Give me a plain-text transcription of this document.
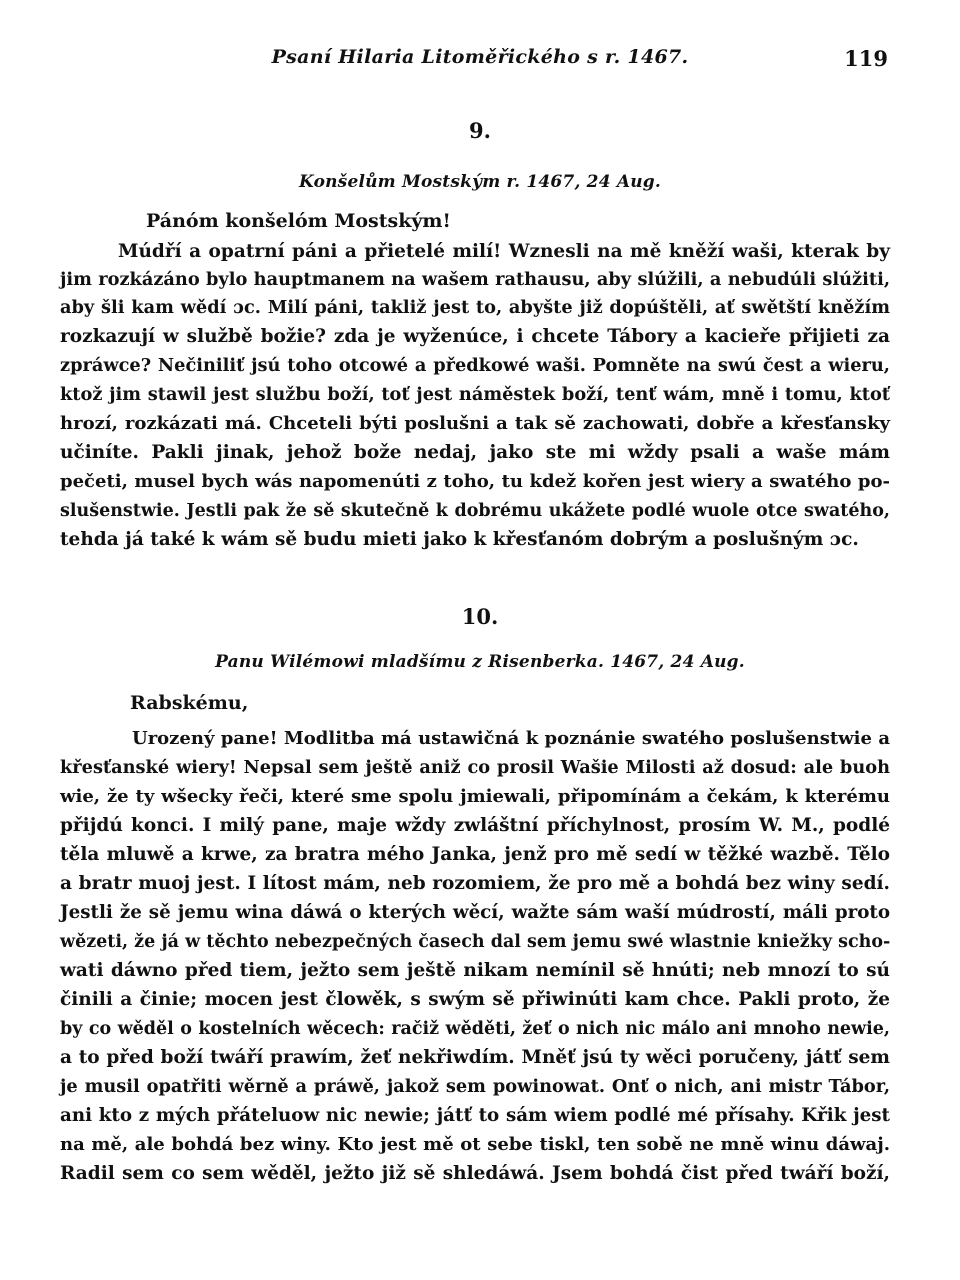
Psaní Hilaria Litoměřického s r. 1467.	119
9.
Konšelům Mostským r. 1467, 24 Aug.
Pánóm konšelóm Mostským!
Múdří a opatrní páni a přietelé milí! Wznesli na mě kněží waši, kterak by
jim rozkázáno bylo hauptmanem na wašem rathausu, aby slúžili, a nebudúli slúžiti,
aby šli kam wědí ɔc. Milí páni, takliž jest to, abyšte již dopúštěli, ať swětští kněžím
rozkazují w službě božie? zda je wyženúce, i chcete Tábory a kacieře přijieti za
zpráwce? Nečiniliť jsú toho otcowé a předkowé waši. Pomněte na swú čest a wieru,
ktož jim stawil jest službu boží, toť jest náměstek boží, tenť wám, mně i tomu, ktoť
hrozí, rozkázati má. Chceteli býti poslušni a tak sě zachowati, dobře a křesťansky
učiníte. Pakli jinak, jehož bože nedaj, jako ste mi wždy psali a waše mám
pečeti, musel bych wás napomenúti z toho, tu kdež kořen jest wiery a swatého po-
slušenstwie. Jestli pak že sě skutečně k dobrému ukážete podlé wuole otce swatého,
tehda já také k wám sě budu mieti jako k křesťanóm dobrým a poslušným ɔc.
10.
Panu Wilémowi mladšímu z Risenberka. 1467, 24 Aug.
Rabskému,
Urozený pane! Modlitba má ustawičná k poznánie swatého poslušenstwie a
křesťanské wiery! Nepsal sem ještě aniž co prosil Wašie Milosti až dosud: ale buoh
wie, že ty wšecky řeči, které sme spolu jmiewali, připomínám a čekám, k kterému
přijdú konci. I milý pane, maje wždy zwláštní příchylnost, prosím W. M., podlé
těla mluwě a krwe, za bratra mého Janka, jenž pro mě sedí w těžké wazbě. Tělo
a bratr muoj jest. I lítost mám, neb rozomiem, že pro mě a bohdá bez winy sedí.
Jestli že sě jemu wina dáwá o kterých wěcí, wažte sám waší múdrostí, máli proto
wězeti, že já w těchto nebezpečných časech dal sem jemu swé wlastnie kniežky scho-
wati dáwno před tiem, ježto sem ještě nikam nemínil sě hnúti; neb mnozí to sú
činili a činie; mocen jest člowěk, s swým sě přiwinúti kam chce. Pakli proto, že
by co wěděl o kostelních wěcech: račiž wěděti, žeť o nich nic málo ani mnoho newie,
a to před boží twáří prawím, žeť nekřiwdím. Mněť jsú ty wěci poručeny, játť sem
je musil opatřiti wěrně a práwě, jakož sem powinowat. Onť o nich, ani mistr Tábor,
ani kto z mých přáteluow nic newie; játť to sám wiem podlé mé přísahy. Křik jest
na mě, ale bohdá bez winy. Kto jest mě ot sebe tiskl, ten sobě ne mně winu dáwaj.
Radil sem co sem wěděl, ježto již sě shledáwá. Jsem bohdá čist před twáří boží,
